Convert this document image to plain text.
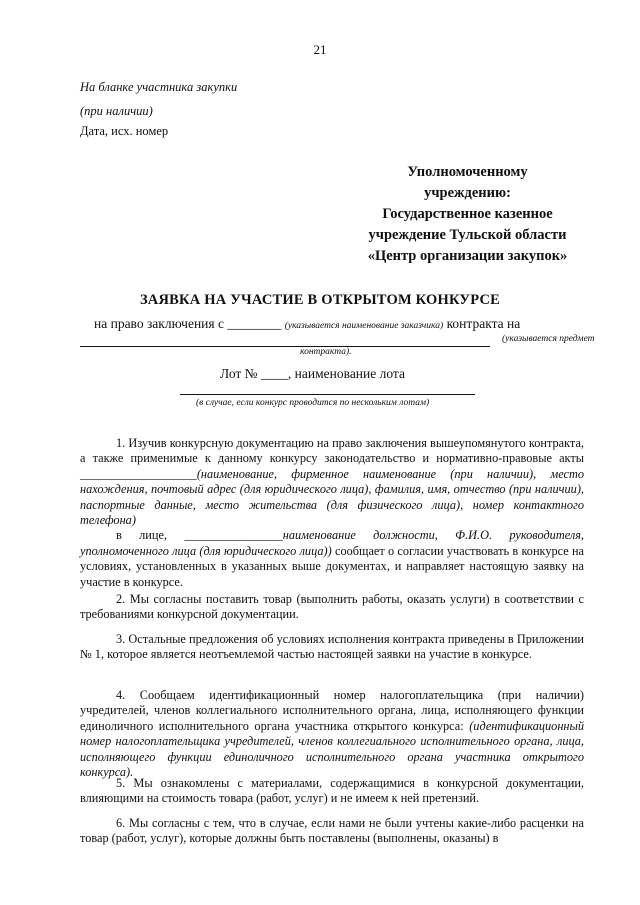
21
На бланке участника закупки
(при наличии)
Дата, исх. номер
Уполномоченному
учреждению:
Государственное казенное
учреждение Тульской области
«Центр организации закупок»
ЗАЯВКА НА УЧАСТИЕ В ОТКРЫТОМ КОНКУРСЕ
на право заключения с ________ (указывается наименование заказчика) контракта на
(указывается предмет
контракта).
Лот № ____, наименование лота
(в случае, если конкурс проводится по нескольким лотам)
1. Изучив конкурсную документацию на право заключения вышеупомянутого контракта, а также применимые к данному конкурсу законодательство и нормативно-правовые акты ___________________(наименование, фирменное наименование (при наличии), место нахождения, почтовый адрес (для юридического лица), фамилия, имя, отчество (при наличии), паспортные данные, место жительства (для физического лица), номер контактного телефона)
в лице, ________________наименование должности, Ф.И.О. руководителя, уполномоченного лица (для юридического лица)) сообщает о согласии участвовать в конкурсе на условиях, установленных в указанных выше документах, и направляет настоящую заявку на участие в конкурсе.
2. Мы согласны поставить товар (выполнить работы, оказать услуги) в соответствии с требованиями конкурсной документации.
3. Остальные предложения об условиях исполнения контракта приведены в Приложении № 1, которое является неотъемлемой частью настоящей заявки на участие в конкурсе.
4. Сообщаем идентификационный номер налогоплательщика (при наличии) учредителей, членов коллегиального исполнительного органа, лица, исполняющего функции единоличного исполнительного органа участника открытого конкурса: (идентификационный номер налогоплательщика учредителей, членов коллегиального исполнительного органа, лица, исполняющего функции единоличного исполнительного органа участника открытого конкурса).
5. Мы ознакомлены с материалами, содержащимися в конкурсной документации, влияющими на стоимость товара (работ, услуг) и не имеем к ней претензий.
6. Мы согласны с тем, что в случае, если нами не были учтены какие-либо расценки на товар (работ, услуг), которые должны быть поставлены (выполнены, оказаны) в
